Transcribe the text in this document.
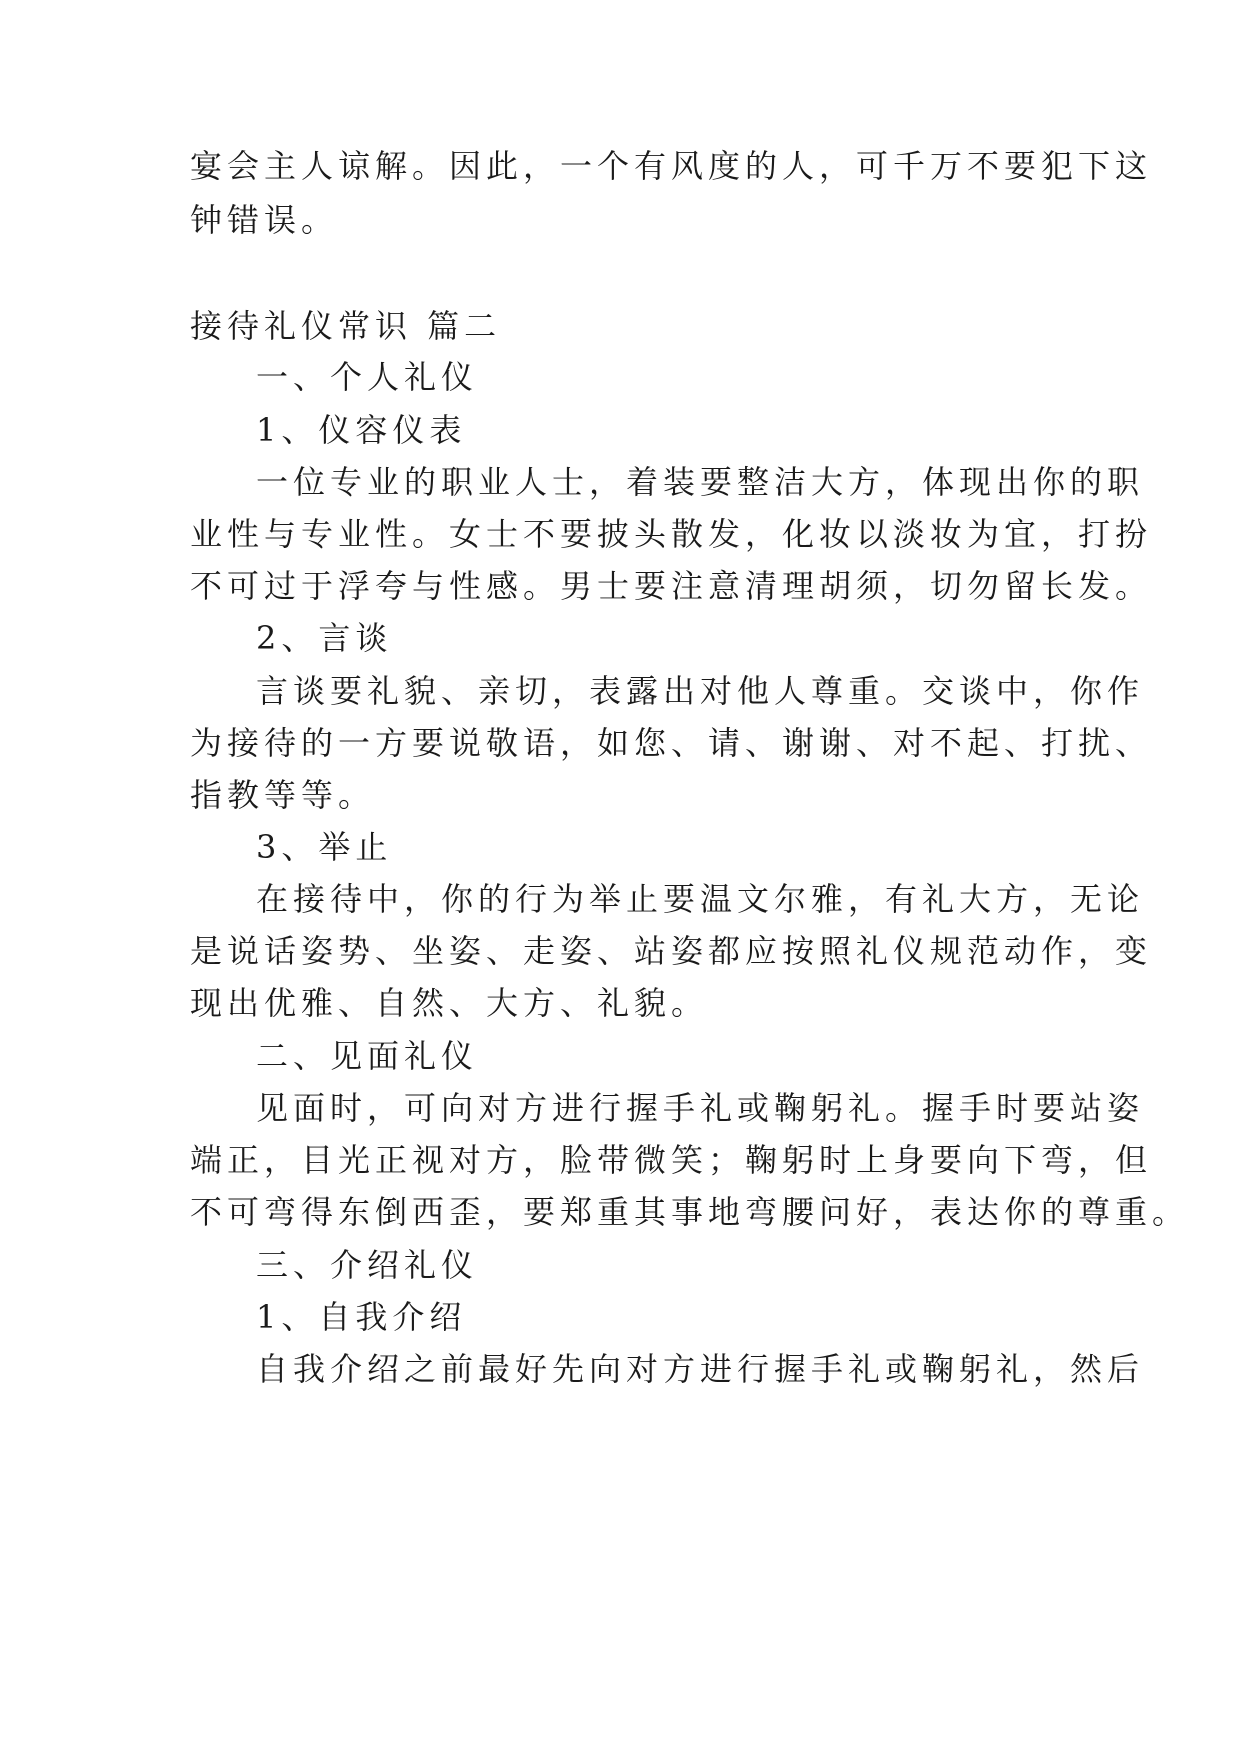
宴会主人谅解。因此，一个有风度的人，可千万不要犯下这
钟错误。
接待礼仪常识 篇二
一、个人礼仪
1、仪容仪表
一位专业的职业人士，着装要整洁大方，体现出你的职
业性与专业性。女士不要披头散发，化妆以淡妆为宜，打扮
不可过于浮夸与性感。男士要注意清理胡须，切勿留长发。
2、言谈
言谈要礼貌、亲切，表露出对他人尊重。交谈中，你作
为接待的一方要说敬语，如您、请、谢谢、对不起、打扰、
指教等等。
3、举止
在接待中，你的行为举止要温文尔雅，有礼大方，无论
是说话姿势、坐姿、走姿、站姿都应按照礼仪规范动作，变
现出优雅、自然、大方、礼貌。
二、见面礼仪
见面时，可向对方进行握手礼或鞠躬礼。握手时要站姿
端正，目光正视对方，脸带微笑；鞠躬时上身要向下弯，但
不可弯得东倒西歪，要郑重其事地弯腰问好，表达你的尊重。
三、介绍礼仪
1、自我介绍
自我介绍之前最好先向对方进行握手礼或鞠躬礼，然后
